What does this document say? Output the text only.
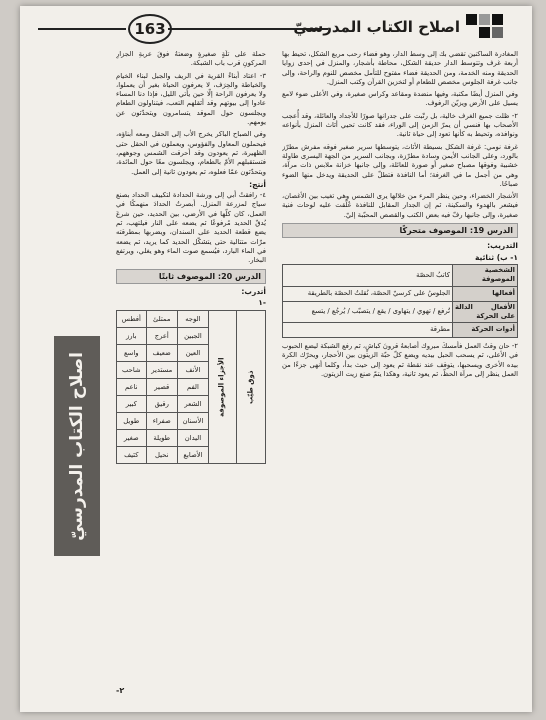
163	اصلاح الكتاب المدرسيّ

المغادرة الساكنين تقضي بك إلى وسط الدار، وهو فضاء رحب مربع الشكل، تحيط بها أربعة غرف وتتوسط الدار حديقة الشكل، محاطة بأشجار، والمنزل في إحدى زوايا الحديقة ومنه الخدمة، ومن الحديقة فضاء مفتوح للتأمل مخصص للنوم والراحة، وإلى جانب غرفة الجلوس مخصص للطعام أو لتخزين القرآن وكتب المنزل.

وفي المنزل أيضًا مكتبة، وفيها منضدة ومقاعد وكراس صغيرة، وفي الأعلى ضوء لامع يسيل على الأرض ويزيّن الرفوف.

٢- ظلت جميع الغرف خالية، بل رتّبت على جدرانها صورًا للأجداد والعائلة، وقد أُعجب الأصحاب بها فنسي أن يمرّ الزمن إلى الوراء، فقد كانت تحيي أثاث المنزل بأنواعه ونوافذه، وتحيط به كأنها تعود إلى حياة ثانية.

غرفة نومي: غرفة الشكل بسيطة الأثاث، يتوسطها سرير صغير فوقه مفرش مطرّز بالورد، وعلى الجانب الأيمن وسادة مطرّزة، وبجانب السرير من الجهة اليسرى طاولة خشبية وفوقها مصباح صغير أو صورة للعائلة، وإلى جانبها خزانة ملابس ذات مرآة، وهي من أجمل ما في الغرفة؛ أما النافذة فتطلّ على الحديقة ويدخل منها الضوء صباحًا.

الأشجار الخضراء، وحين ينظر المرء من خلالها يرى الشمس وهي تغيب بين الأغصان، فيشعر بالهدوء والسكينة، ثم إن الجدار المقابل للنافذة عُلّقت عليه لوحات فنية صغيرة، وإلى جانبها رفّ فيه بعض الكتب والقصص المحبّبة إليّ.

الدرس 19: الموصوف متحركًا
التدريب:
١- ب) ثنائية
الشخصية الموصوفة	كاتبُ الحصّة
أفعالها	الجلوسُ على كرسيّ الحصّة، نُقلتُ الحصّة بالطريقة
الأفعال الدالة على الحركة	تُرفع / تهوي / يتهاوى / يقع / يتصبّب / يُرجُع / يتسع
أدوات الحركة	مطرقة

٢- حان وقتُ العمل فأمسكَ مبروك أصابعهُ قرونَ كباشٍ، ثم رفع الشبكة ليضع الحبوب في الأعلى، ثم يسحب الحبل بيديه ويضع كلّ حبّة الزيتون بين الأحجار، ويحرّك الكرة بيده الأخرى ويسحبها، يتوقف عند نقطة ثم يعود إلى حيث بدأ، وكلما أنهى جزءًا من العمل ينظر إلى مرآة الحظّ، ثم يعود ثانية، وهكذا يتمّ صنع زيت الزيتون.

حملة على تلّةٍ صغيرةٍ وضعتهُ فوقَ عربةِ الجزارِ المركونِ قرب باب الشبكة.

٣- اعتاد أبناءُ القرية في الريف والجبل لبناء الخيام والخياطة والحِرَف، لا يعرفون الحياة بغير أن يعملوا، ولا يعرفون الراحة إلّا حين يأتي الليل، فإذا دنا المساء عادوا إلى بيوتهم وقد أثقلهم التعب، فيتناولون الطعام ويجلسون حول الموقد يتسامرون ويتحدّثون عن يومهم.

وفي الصباح الباكر يخرج الأب إلى الحقل ومعه أبناؤه، فيحملون المعاول والفؤوس، ويعملون في الحقل حتى الظهيرة، ثم يعودون وقد أحرقت الشمس وجوههم، فتستقبلهم الأمّ بالطعام، ويجلسون معًا حول المائدة، ويتحدّثون عمّا فعلوه، ثم يعودون ثانية إلى العمل.

أنتج:

٤- رافقتُ أبي إلى ورشة الحدادة لتكييف الحداد بصنع سياج لمزرعة المنزل. أبصرتُ الحدادَ منهمكًا في العمل، كان كلّها في الأرضي، بين الحديد، حين شرعَ يُدقّ الحديد مُرفوعًا ثم يضعه على النار فيلتهب، ثم يضع قطعة الحديد على السندان، ويضربها بمطرقته مرّات متتالية حتى يتشكّل الحديد كما يريد، ثم يضعه في الماء البارد، فيُسمع صوت الماء وهو يغلي، ويرتفع البخار.

الدرس 20: الموصوف ثابتًا
أتدرب:
-١
ذوق طيّب	الأجزاء الموصوفة	الوجه	ممتلئ	أفطس
		الجبين	أعرج	بارز
		العين	ضعيف	واسع
		الأنف	مستدير	شاحب
		الفم	قصير	ناعم
		الشعر	رقيق	كبير
		الأسنان	صفراء	طويل
		اليدان	طويلة	صغير
		الأصابع	نحيل	كثيف
-٢
اصلاح الكتاب المدرسيّ
